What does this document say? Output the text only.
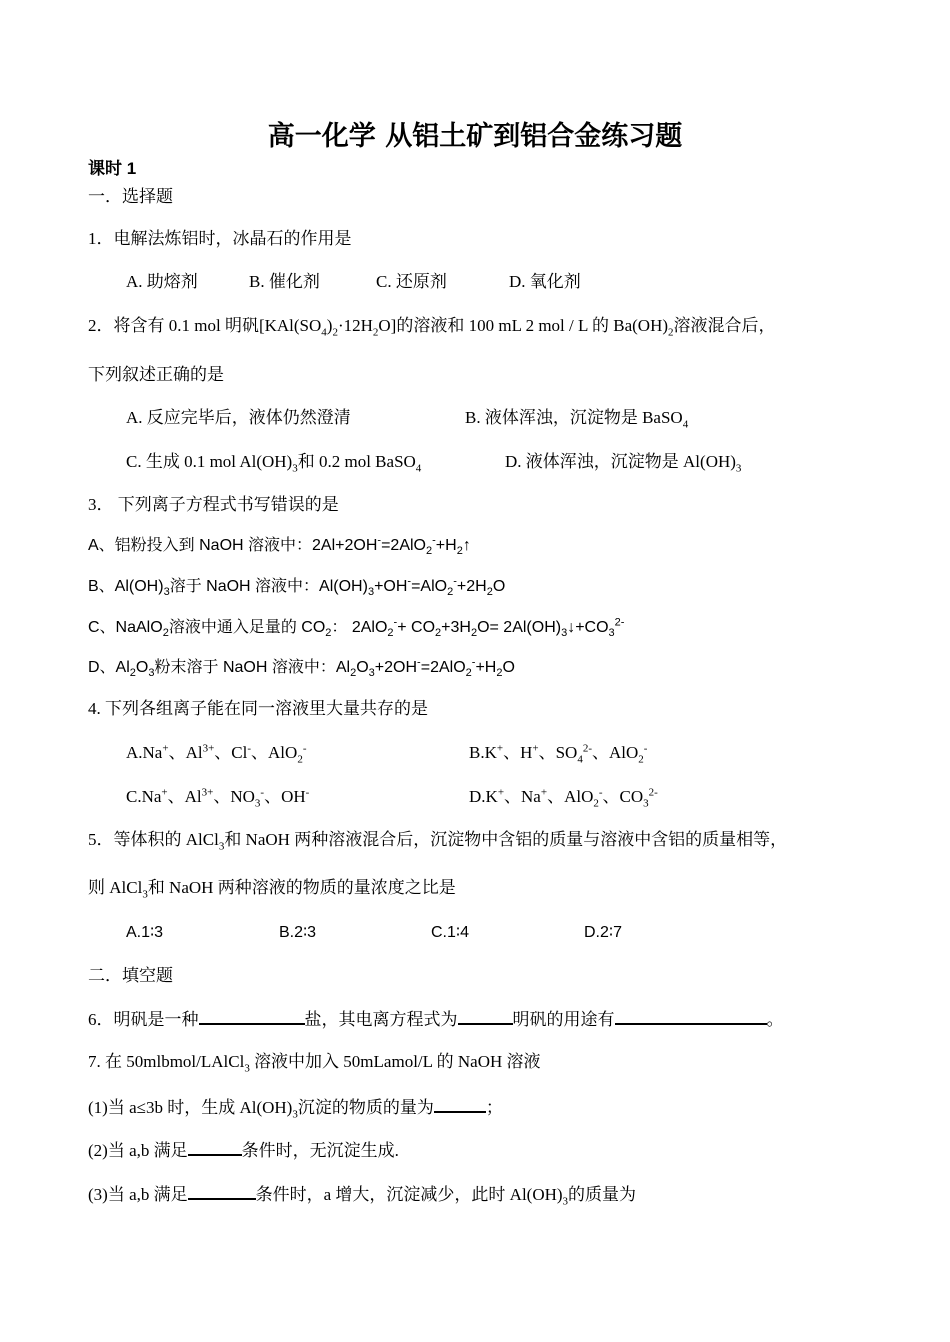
高一化学 从铝土矿到铝合金练习题
课时 1
一．选择题
1．电解法炼铝时，冰晶石的作用是
A. 助熔剂	B. 催化剂	C. 还原剂	D. 氧化剂
2．将含有 0.1 mol 明矾$[KAl(SO_4)_2\cdot 12H_2O]$的溶液和 100 mL 2 mol / L 的 $Ba(OH)_2$溶液混合后，
下列叙述正确的是
A. 反应完毕后，液体仍然澄清	B. 液体浑浊，沉淀物是 BaSO$_4$
C. 生成 0.1 mol $Al(OH)_3$和 0.2 mol BaSO$_4$	D. 液体浑浊，沉淀物是 $Al(OH)_3$
3． 下列离子方程式书写错误的是
A、铝粉投入到 NaOH 溶液中：$2Al+2OH^-=2AlO_2^-+H_2↑$
B、$Al(OH)_3$溶于 NaOH 溶液中：$Al(OH)_3+OH^-=AlO_2^-+2H_2O$
C、NaAlO$_2$溶液中通入足量的 $CO_2$： $2AlO_2^-+ CO_2+3H_2O=$ $2Al(OH)_3↓+CO_3^{2-}$
D、$Al_2O_3$粉末溶于 NaOH 溶液中：$Al_2O_3+2OH^-=2AlO_2^-+H_2O$
4. 下列各组离子能在同一溶液里大量共存的是
A.Na+、$Al^{3+}$、Cl-、AlO$_2$-	B.K+、H+、$SO_4^{2-}$、AlO$_2$-
C.Na+、$Al^{3+}$、$NO_3^-$、OH-	D.K+、Na+、AlO$_2$-、$CO_3^{2-}$
5．等体积的 AlCl$_3$和 NaOH 两种溶液混合后，沉淀物中含铝的质量与溶液中含铝的质量相等，
则 AlCl$_3$和 NaOH 两种溶液的物质的量浓度之比是
A.1∶3	B.2∶3	C.1∶4	D.2∶7
二．填空题
6．明矾是一种	盐，其电离方程式为	明矾的用途有	。
7. 在 50mlbmol/LAlCl$_3$ 溶液中加入 50mLamol/L 的 NaOH 溶液
(1)当 a≤3b 时，生成 $Al(OH)_3$沉淀的物质的量为	；
(2)当 a,b 满足	条件时，无沉淀生成.
(3)当 a,b 满足	条件时，a 增大，沉淀减少，此时 $Al(OH)_3$的质量为
